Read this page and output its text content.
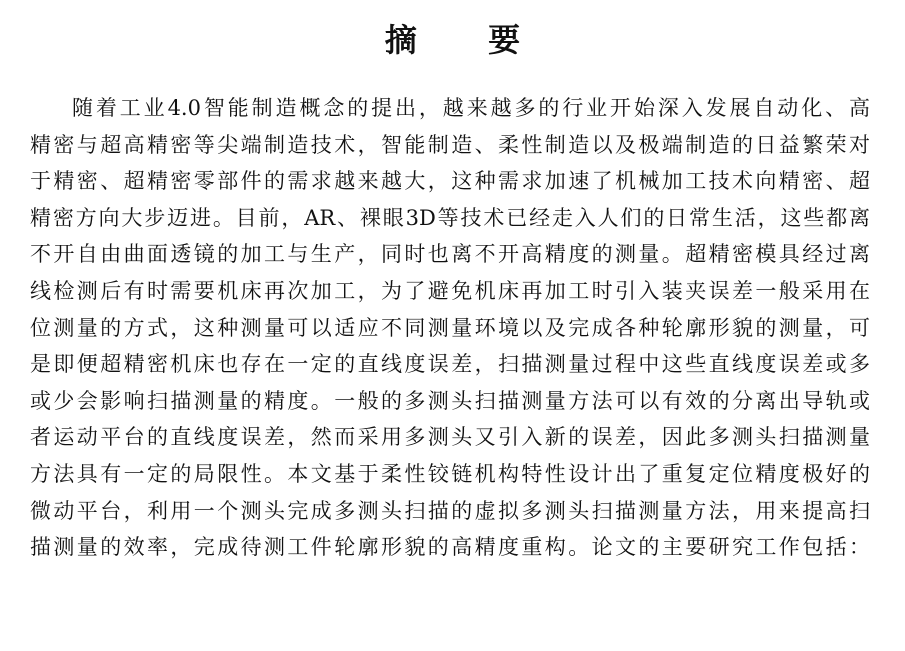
摘 要
随着工业4.0智能制造概念的提出，越来越多的行业开始深入发展自动化、高
精密与超高精密等尖端制造技术，智能制造、柔性制造以及极端制造的日益繁荣对
于精密、超精密零部件的需求越来越大，这种需求加速了机械加工技术向精密、超
精密方向大步迈进。目前，AR、裸眼3D等技术已经走入人们的日常生活，这些都离
不开自由曲面透镜的加工与生产，同时也离不开高精度的测量。超精密模具经过离
线检测后有时需要机床再次加工，为了避免机床再加工时引入装夹误差一般采用在
位测量的方式，这种测量可以适应不同测量环境以及完成各种轮廓形貌的测量，可
是即便超精密机床也存在一定的直线度误差，扫描测量过程中这些直线度误差或多
或少会影响扫描测量的精度。一般的多测头扫描测量方法可以有效的分离出导轨或
者运动平台的直线度误差，然而采用多测头又引入新的误差，因此多测头扫描测量
方法具有一定的局限性。本文基于柔性铰链机构特性设计出了重复定位精度极好的
微动平台，利用一个测头完成多测头扫描的虚拟多测头扫描测量方法，用来提高扫
描测量的效率，完成待测工件轮廓形貌的高精度重构。论文的主要研究工作包括：
